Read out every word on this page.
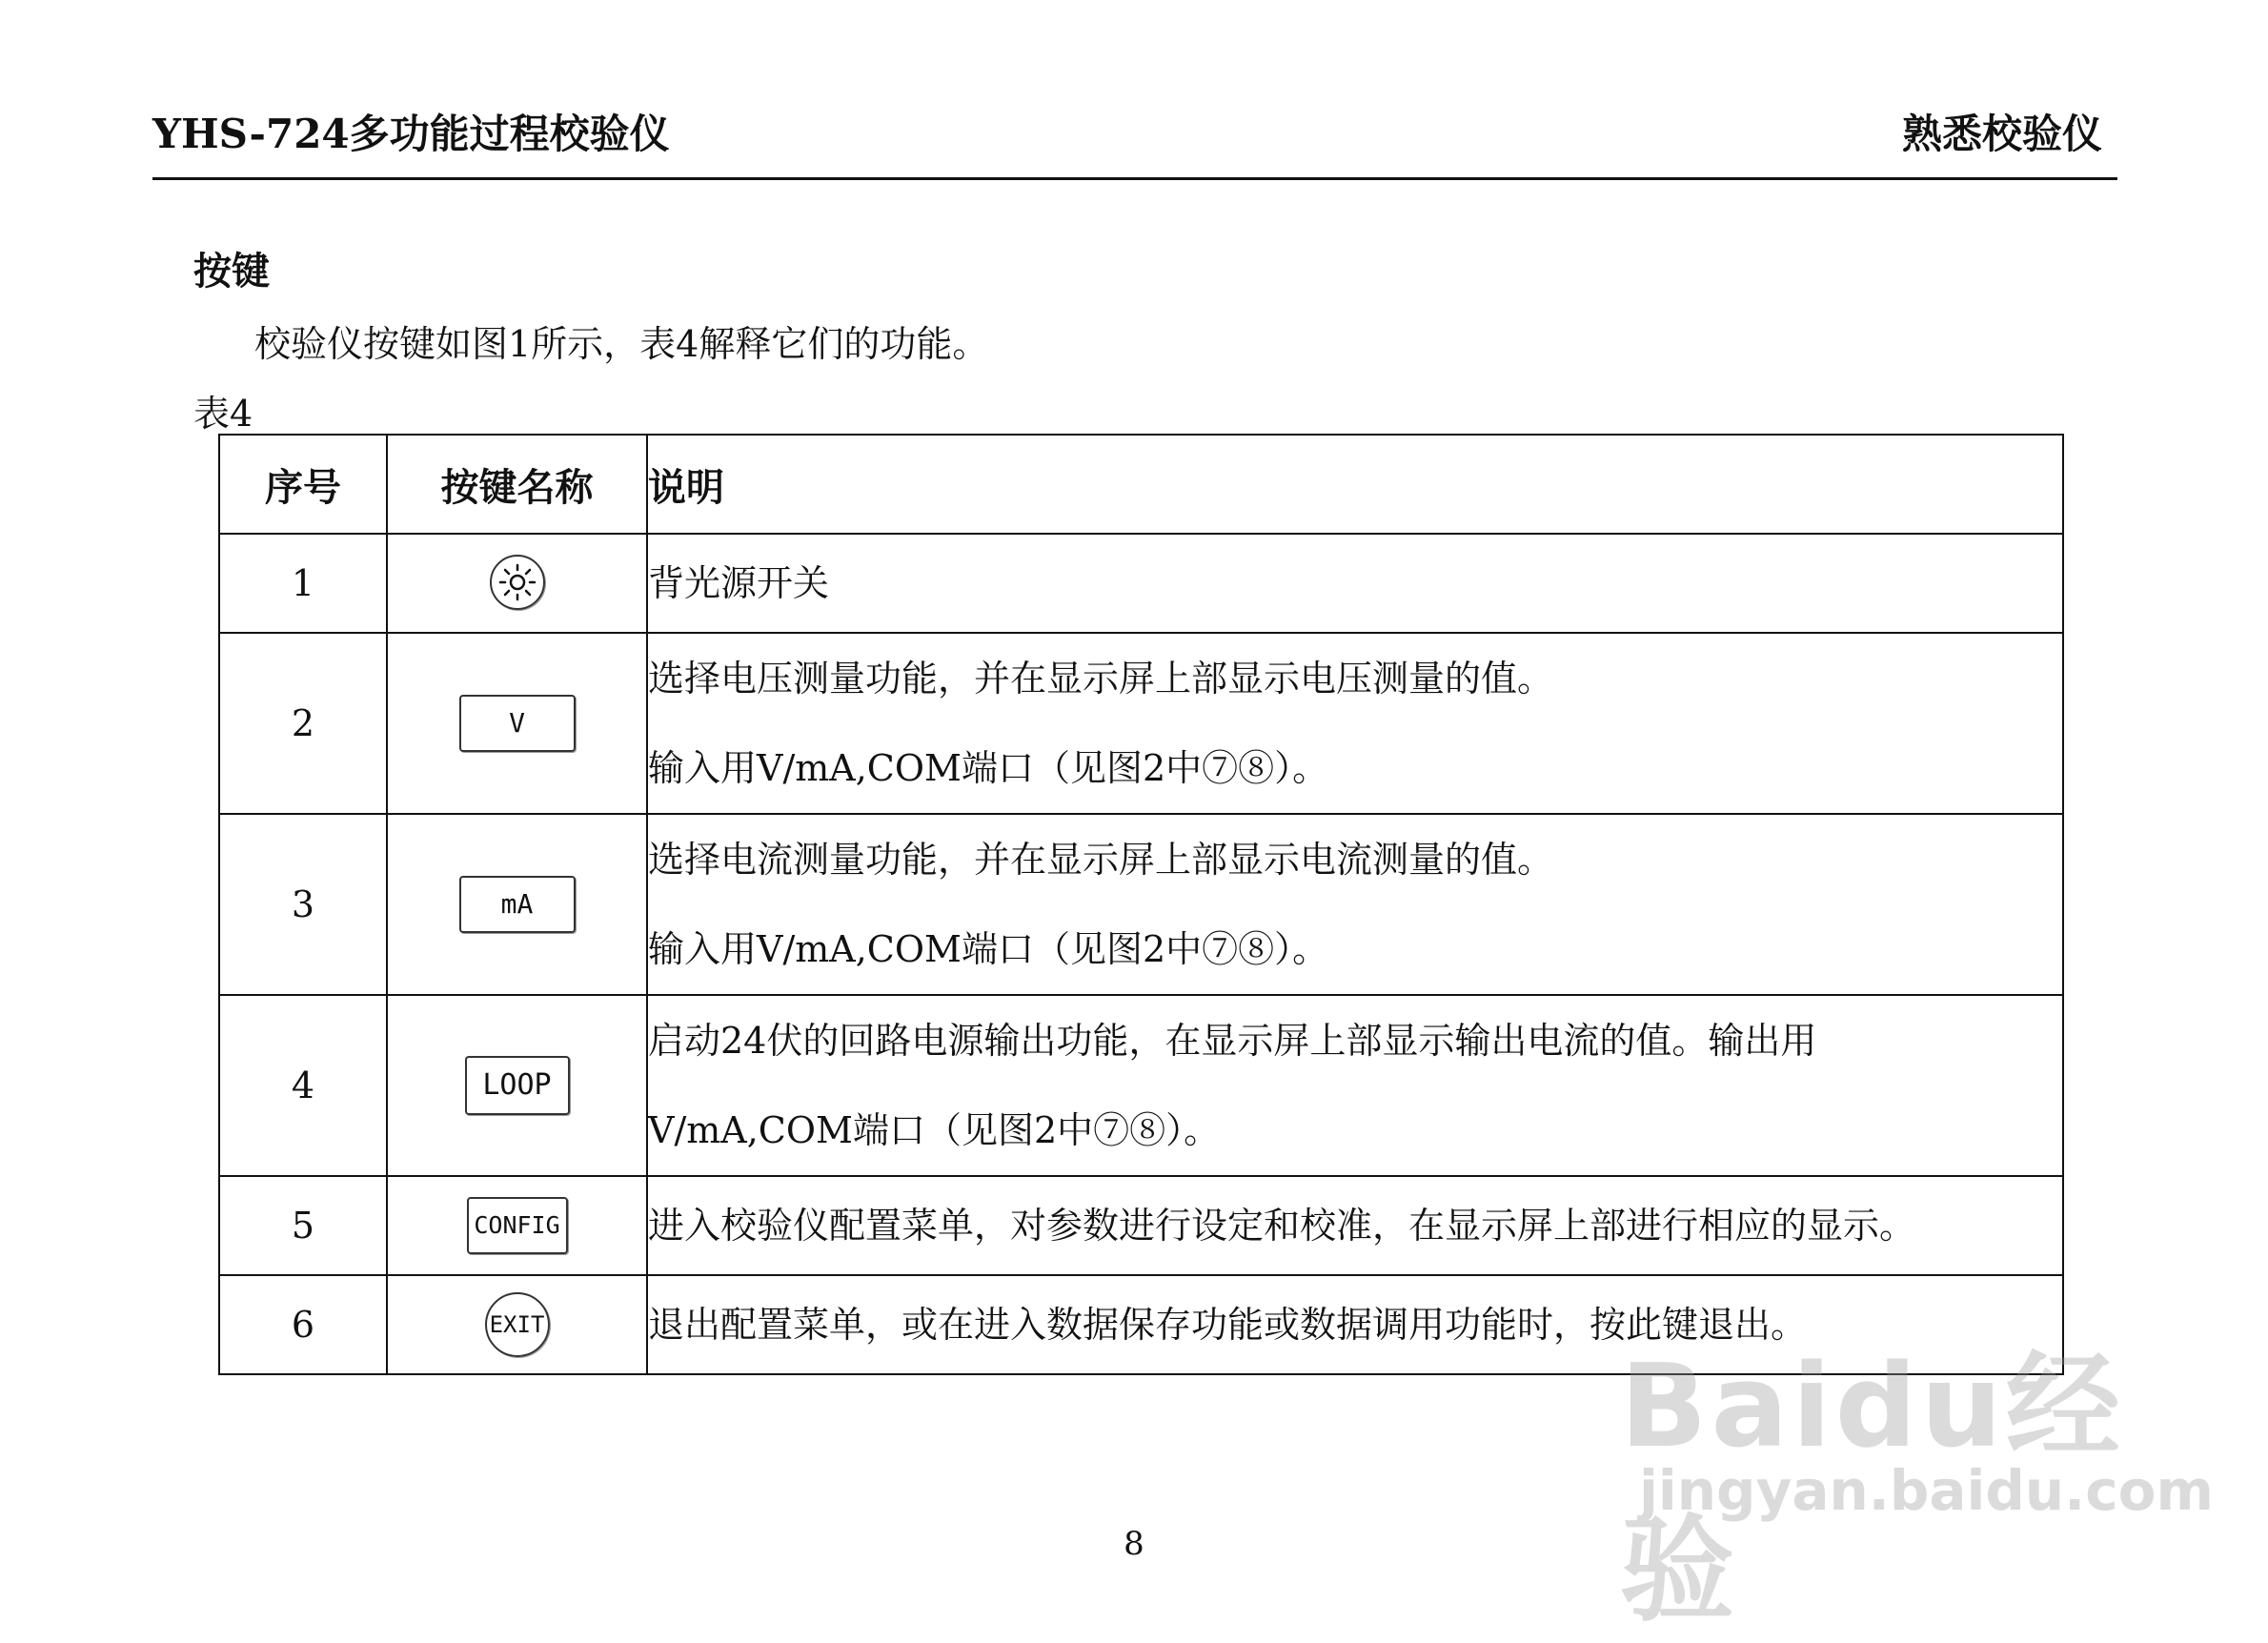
YHS-724多功能过程校验仪	熟悉校验仪
按键
校验仪按键如图1所示，表4解释它们的功能。
表4
序号	按键名称	说明
1		背光源开关

2	V	选择电压测量功能，并在显示屏上部显示电压测量的值。
输入用V/mA,COM端口（见图2中⑦⑧）。

3	mA	选择电流测量功能，并在显示屏上部显示电流测量的值。
输入用V/mA,COM端口（见图2中⑦⑧）。

4	LOOP	启动24伏的回路电源输出功能，在显示屏上部显示输出电流的值。输出用
V/mA,COM端口（见图2中⑦⑧）。

5	CONFIG	进入校验仪配置菜单，对参数进行设定和校准，在显示屏上部进行相应的显示。

6	EXIT	退出配置菜单，或在进入数据保存功能或数据调用功能时，按此键退出。
8
Baidu经验
jingyan.baidu.com
